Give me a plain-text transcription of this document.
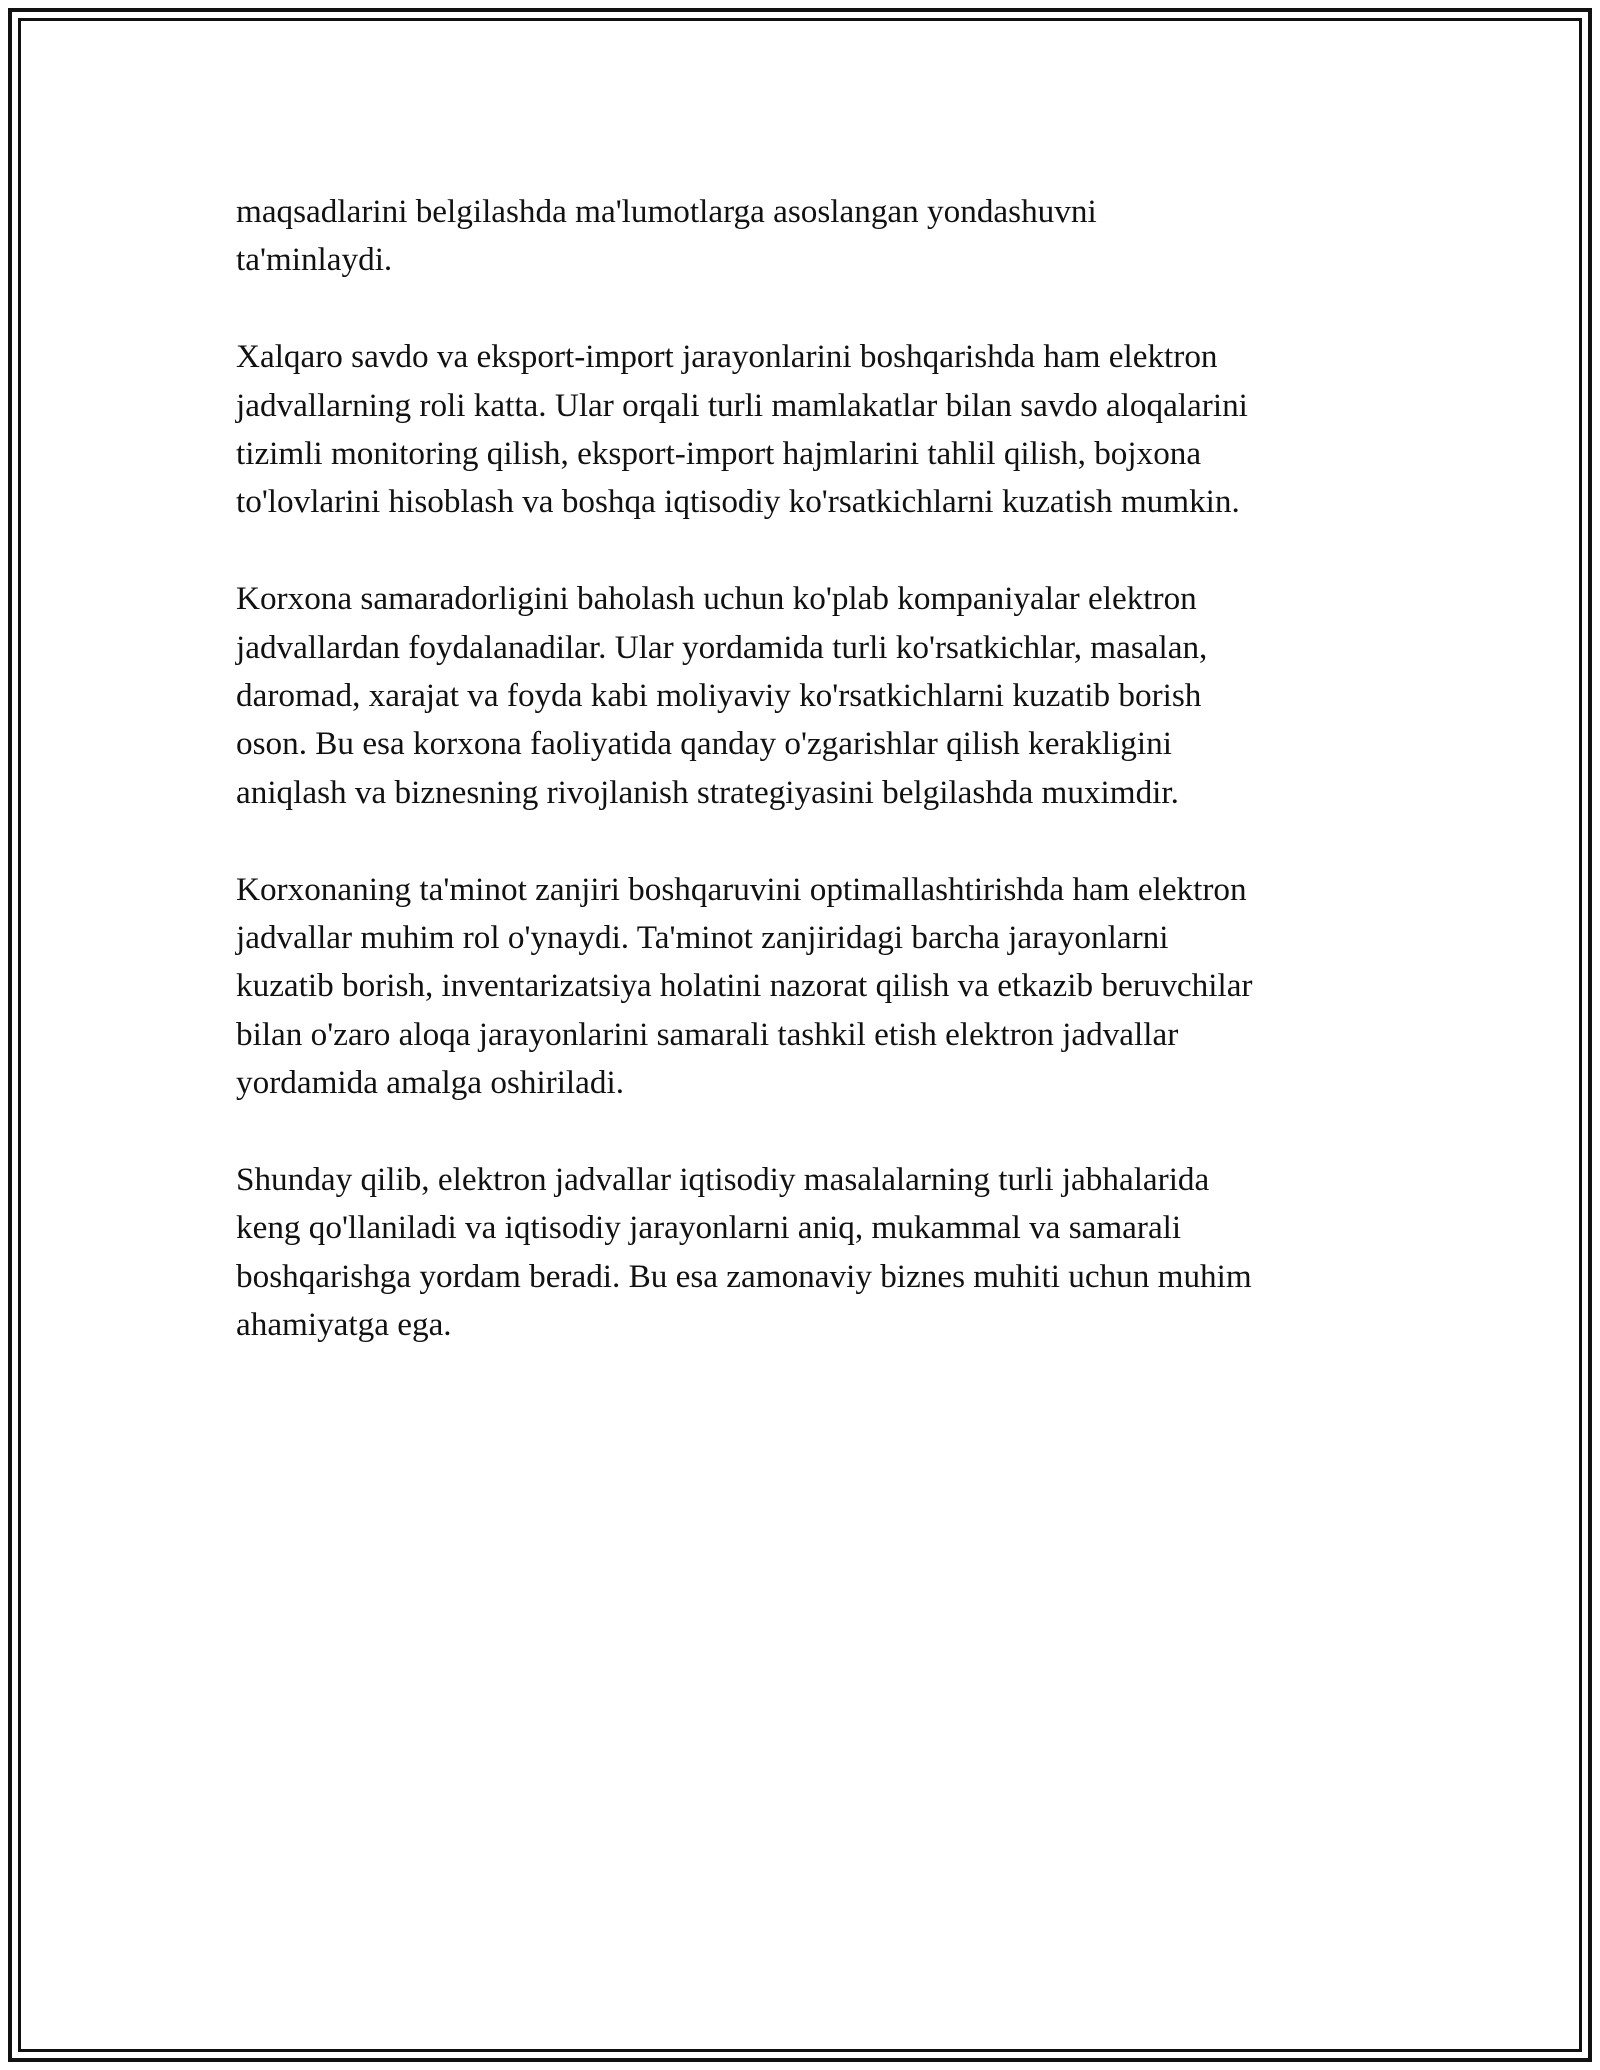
maqsadlarini belgilashda ma'lumotlarga asoslangan yondashuvni
ta'minlaydi.

Xalqaro savdo va eksport-import jarayonlarini boshqarishda ham elektron
jadvallarning roli katta. Ular orqali turli mamlakatlar bilan savdo aloqalarini
tizimli monitoring qilish, eksport-import hajmlarini tahlil qilish, bojxona
to'lovlarini hisoblash va boshqa iqtisodiy ko'rsatkichlarni kuzatish mumkin.

Korxona samaradorligini baholash uchun ko'plab kompaniyalar elektron
jadvallardan foydalanadilar. Ular yordamida turli ko'rsatkichlar, masalan,
daromad, xarajat va foyda kabi moliyaviy ko'rsatkichlarni kuzatib borish
oson. Bu esa korxona faoliyatida qanday o'zgarishlar qilish kerakligini
aniqlash va biznesning rivojlanish strategiyasini belgilashda muximdir.

Korxonaning ta'minot zanjiri boshqaruvini optimallashtirishda ham elektron
jadvallar muhim rol o'ynaydi. Ta'minot zanjiridagi barcha jarayonlarni
kuzatib borish, inventarizatsiya holatini nazorat qilish va etkazib beruvchilar
bilan o'zaro aloqa jarayonlarini samarali tashkil etish elektron jadvallar
yordamida amalga oshiriladi.

Shunday qilib, elektron jadvallar iqtisodiy masalalarning turli jabhalarida
keng qo'llaniladi va iqtisodiy jarayonlarni aniq, mukammal va samarali
boshqarishga yordam beradi. Bu esa zamonaviy biznes muhiti uchun muhim
ahamiyatga ega.
